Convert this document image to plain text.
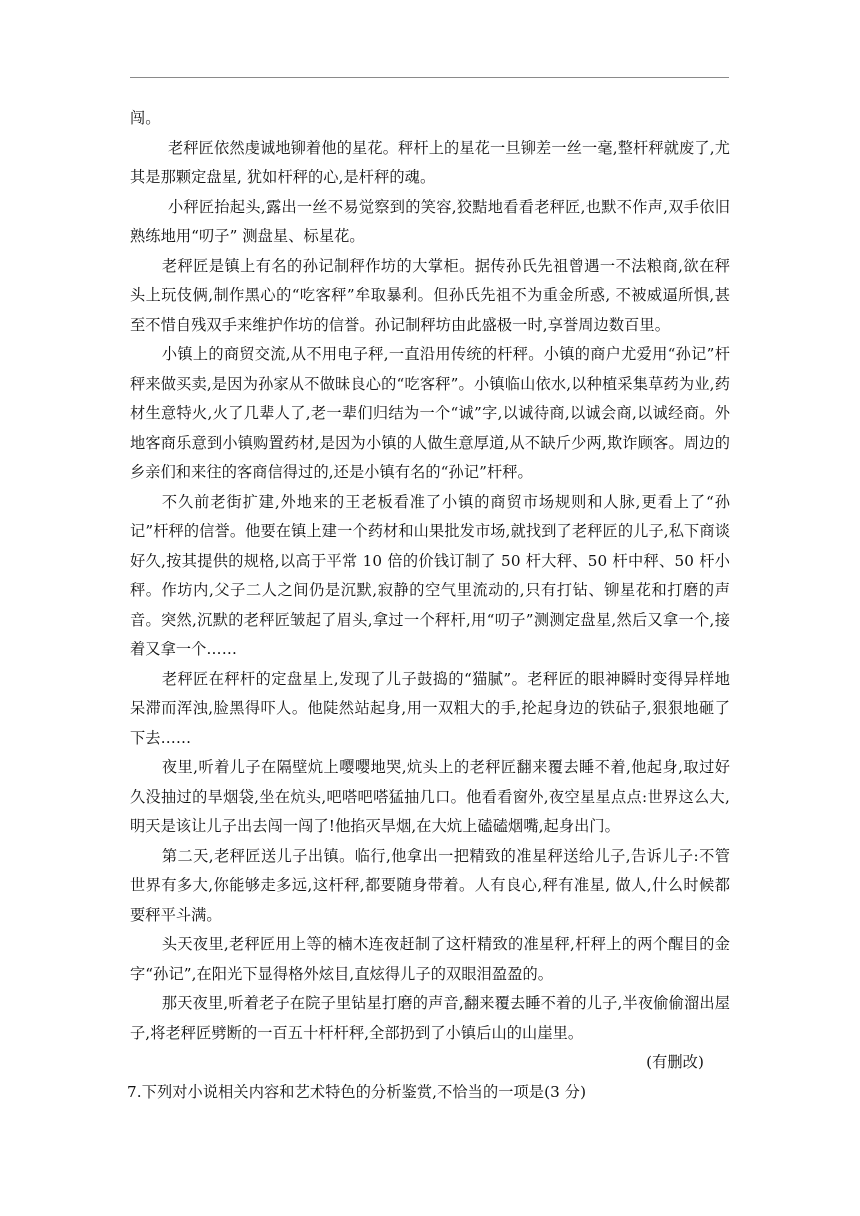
闯。

老秤匠依然虔诚地铆着他的星花。秤杆上的星花一旦铆差一丝一毫,整杆秤就废了,尤其是那颗定盘星, 犹如杆秤的心,是杆秤的魂。

小秤匠抬起头,露出一丝不易觉察到的笑容,狡黠地看看老秤匠,也默不作声,双手依旧熟练地用“叨子” 测盘星、标星花。

老秤匠是镇上有名的孙记制秤作坊的大掌柜。据传孙氏先祖曾遇一不法粮商,欲在秤头上玩伎俩,制作黑心的“吃客秤”牟取暴利。但孙氏先祖不为重金所惑, 不被威逼所惧,甚至不惜自残双手来维护作坊的信誉。孙记制秤坊由此盛极一时,享誉周边数百里。

小镇上的商贸交流,从不用电子秤,一直沿用传统的杆秤。小镇的商户尤爱用“孙记”杆秤来做买卖,是因为孙家从不做昧良心的“吃客秤”。小镇临山依水,以种植采集草药为业,药材生意特火,火了几辈人了,老一辈们归结为一个“诚”字,以诚待商,以诚会商,以诚经商。外地客商乐意到小镇购置药材,是因为小镇的人做生意厚道,从不缺斤少两,欺诈顾客。周边的乡亲们和来往的客商信得过的,还是小镇有名的“孙记”杆秤。

不久前老街扩建,外地来的王老板看准了小镇的商贸市场规则和人脉,更看上了“孙记”杆秤的信誉。他要在镇上建一个药材和山果批发市场,就找到了老秤匠的儿子,私下商谈好久,按其提供的规格,以高于平常 10 倍的价钱订制了 50 杆大秤、50 杆中秤、50 杆小秤。作坊内,父子二人之间仍是沉默,寂静的空气里流动的,只有打钻、铆星花和打磨的声音。突然,沉默的老秤匠皱起了眉头,拿过一个秤杆,用“叨子”测测定盘星,然后又拿一个,接着又拿一个……

老秤匠在秤杆的定盘星上,发现了儿子鼓捣的“猫腻”。老秤匠的眼神瞬时变得异样地呆滞而浑浊,脸黑得吓人。他陡然站起身,用一双粗大的手,抡起身边的铁砧子,狠狠地砸了下去……

夜里,听着儿子在隔壁炕上嘤嘤地哭,炕头上的老秤匠翻来覆去睡不着,他起身,取过好久没抽过的旱烟袋,坐在炕头,吧嗒吧嗒猛抽几口。他看看窗外,夜空星星点点:世界这么大,明天是该让儿子出去闯一闯了!他掐灭旱烟,在大炕上磕磕烟嘴,起身出门。

第二天,老秤匠送儿子出镇。临行,他拿出一把精致的准星秤送给儿子,告诉儿子:不管世界有多大,你能够走多远,这杆秤,都要随身带着。人有良心,秤有准星, 做人,什么时候都要秤平斗满。

头天夜里,老秤匠用上等的楠木连夜赶制了这杆精致的准星秤,杆秤上的两个醒目的金字“孙记”,在阳光下显得格外炫目,直炫得儿子的双眼泪盈盈的。

那天夜里,听着老子在院子里钻星打磨的声音,翻来覆去睡不着的儿子,半夜偷偷溜出屋子,将老秤匠劈断的一百五十杆杆秤,全部扔到了小镇后山的山崖里。

(有删改)

7.下列对小说相关内容和艺术特色的分析鉴赏,不恰当的一项是(3 分)
